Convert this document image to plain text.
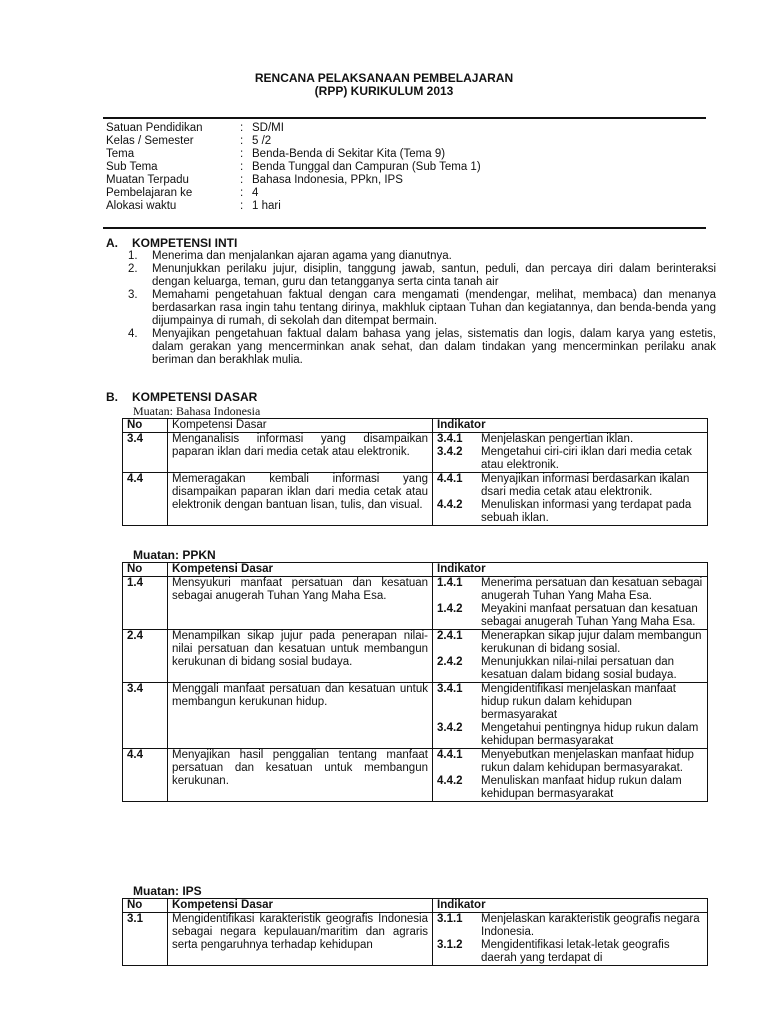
RENCANA PELAKSANAAN PEMBELAJARAN
(RPP) KURIKULUM 2013
Satuan Pendidikan	: SD/MI
Kelas / Semester	: 5 /2
Tema	: Benda-Benda di Sekitar Kita (Tema 9)
Sub Tema	: Benda Tunggal dan Campuran (Sub Tema 1)
Muatan Terpadu	: Bahasa Indonesia, PPkn, IPS
Pembelajaran ke	: 4
Alokasi waktu	: 1 hari
A. KOMPETENSI INTI
1.	Menerima dan menjalankan ajaran agama yang dianutnya.
2.	Menunjukkan perilaku jujur, disiplin, tanggung jawab, santun, peduli, dan percaya diri dalam berinteraksi dengan keluarga, teman, guru dan tetangganya serta cinta tanah air
3.	Memahami pengetahuan faktual dengan cara mengamati (mendengar, melihat, membaca) dan menanya berdasarkan rasa ingin tahu tentang dirinya, makhluk ciptaan Tuhan dan kegiatannya, dan benda-benda yang dijumpainya di rumah, di sekolah dan ditempat bermain.
4.	Menyajikan pengetahuan faktual dalam bahasa yang jelas, sistematis dan logis, dalam karya yang estetis, dalam gerakan yang mencerminkan anak sehat, dan dalam tindakan yang mencerminkan perilaku anak beriman dan berakhlak mulia.
B. KOMPETENSI DASAR
Muatan: Bahasa Indonesia
No	Kompetensi Dasar	Indikator
3.4	Menganalisis informasi yang disampaikan paparan iklan dari media cetak atau elektronik.	3.4.1 Menjelaskan pengertian iklan.
3.4.2 Mengetahui ciri-ciri iklan dari media cetak atau elektronik.

4.4	Memeragakan kembali informasi yang disampaikan paparan iklan dari media cetak atau elektronik dengan bantuan lisan, tulis, dan visual.	4.4.1 Menyajikan informasi berdasarkan ikalan dsari media cetak atau elektronik.
4.4.2 Menuliskan informasi yang terdapat pada sebuah iklan.
Muatan: PPKN
No	Kompetensi Dasar	Indikator
1.4	Mensyukuri manfaat persatuan dan kesatuan sebagai anugerah Tuhan Yang Maha Esa.	1.4.1 Menerima persatuan dan kesatuan sebagai anugerah Tuhan Yang Maha Esa.
1.4.2 Meyakini manfaat persatuan dan kesatuan sebagai anugerah Tuhan Yang Maha Esa.

2.4	Menampilkan sikap jujur pada penerapan nilai-nilai persatuan dan kesatuan untuk membangun kerukunan di bidang sosial budaya.	2.4.1 Menerapkan sikap jujur dalam membangun kerukunan di bidang sosial.
2.4.2 Menunjukkan nilai-nilai persatuan dan kesatuan dalam bidang sosial budaya.

3.4	Menggali manfaat persatuan dan kesatuan untuk membangun kerukunan hidup.	3.4.1 Mengidentifikasi menjelaskan manfaat hidup rukun dalam kehidupan bermasyarakat
3.4.2 Mengetahui pentingnya hidup rukun dalam kehidupan bermasyarakat

4.4	Menyajikan hasil penggalian tentang manfaat persatuan dan kesatuan untuk membangun kerukunan.	4.4.1 Menyebutkan menjelaskan manfaat hidup rukun dalam kehidupan bermasyarakat.
4.4.2 Menuliskan manfaat hidup rukun dalam kehidupan bermasyarakat
Muatan: IPS
No	Kompetensi Dasar	Indikator
3.1	Mengidentifikasi karakteristik geografis Indonesia sebagai negara kepulauan/maritim dan agraris serta pengaruhnya terhadap kehidupan	3.1.1 Menjelaskan karakteristik geografis negara Indonesia.
3.1.2 Mengidentifikasi letak-letak geografis daerah yang terdapat di
